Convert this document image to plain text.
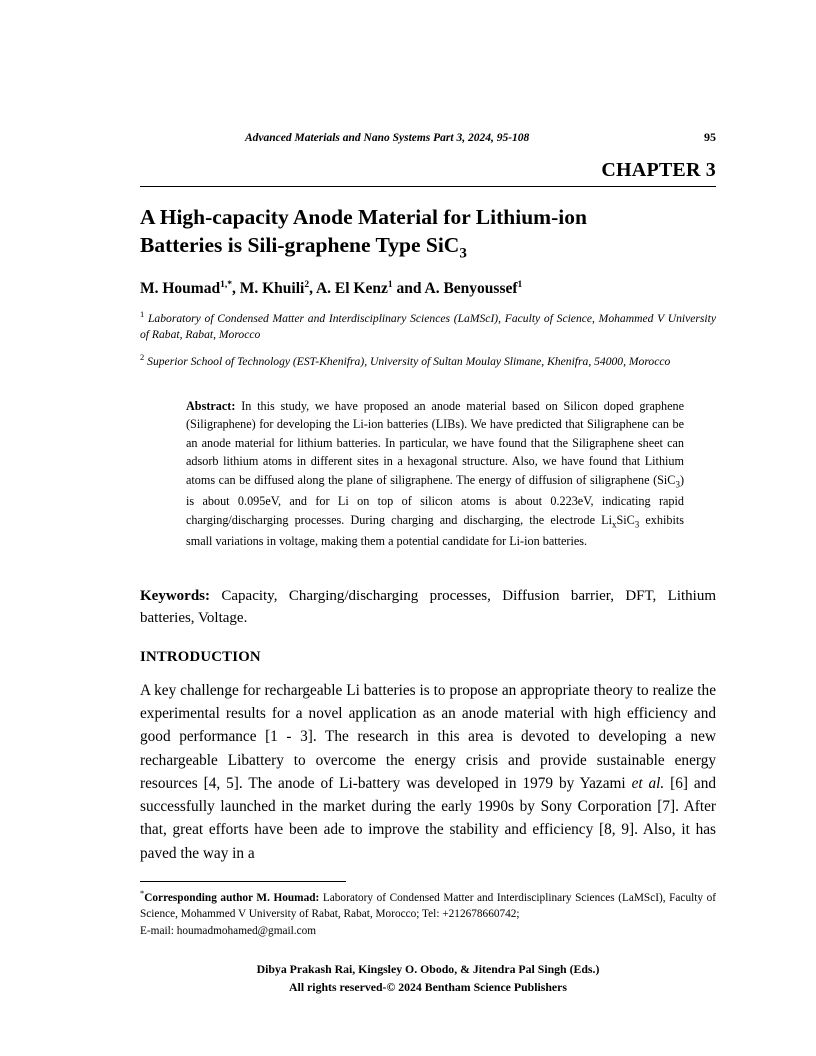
Advanced Materials and Nano Systems Part 3, 2024, 95-108	95
CHAPTER 3
A High-capacity Anode Material for Lithium-ion
Batteries is Sili-graphene Type SiC$_3$
M. Houmad$^{1,*}$, M. Khuili$^2$, A. El Kenz$^1$ and A. Benyoussef$^1$
$^1$ Laboratory of Condensed Matter and Interdisciplinary Sciences (LaMScI), Faculty of Science, Mohammed V University of Rabat, Rabat, Morocco
$^2$ Superior School of Technology (EST-Khenifra), University of Sultan Moulay Slimane, Khenifra, 54000, Morocco
Abstract: In this study, we have proposed an anode material based on Silicon doped graphene (Siligraphene) for developing the Li-ion batteries (LIBs). We have predicted that Siligraphene can be an anode material for lithium batteries. In particular, we have found that the Siligraphene sheet can adsorb lithium atoms in different sites in a hexagonal structure. Also, we have found that Lithium atoms can be diffused along the plane of siligraphene. The energy of diffusion of siligraphene (SiC$_3$) is about 0.095eV, and for Li on top of silicon atoms is about 0.223eV, indicating rapid charging/discharging processes. During charging and discharging, the electrode $Li_xSiC_3$ exhibits small variations in voltage, making them a potential candidate for Li-ion batteries.
Keywords: Capacity, Charging/discharging processes, Diffusion barrier, DFT, Lithium batteries, Voltage.
INTRODUCTION
A key challenge for rechargeable Li batteries is to propose an appropriate theory to realize the experimental results for a novel application as an anode material with high efficiency and good performance [1 - 3]. The research in this area is devoted to developing a new rechargeable Libattery to overcome the energy crisis and provide sustainable energy resources [4, 5]. The anode of Li-battery was developed in 1979 by Yazami et al. [6] and successfully launched in the market during the early 1990s by Sony Corporation [7]. After that, great efforts have been ade to improve the stability and efficiency [8, 9]. Also, it has paved the way in a
*Corresponding author M. Houmad: Laboratory of Condensed Matter and Interdisciplinary Sciences (LaMScI), Faculty of Science, Mohammed V University of Rabat, Rabat, Morocco; Tel: +212678660742;
E-mail: houmadmohamed@gmail.com
Dibya Prakash Rai, Kingsley O. Obodo, & Jitendra Pal Singh (Eds.)
All rights reserved-© 2024 Bentham Science Publishers
